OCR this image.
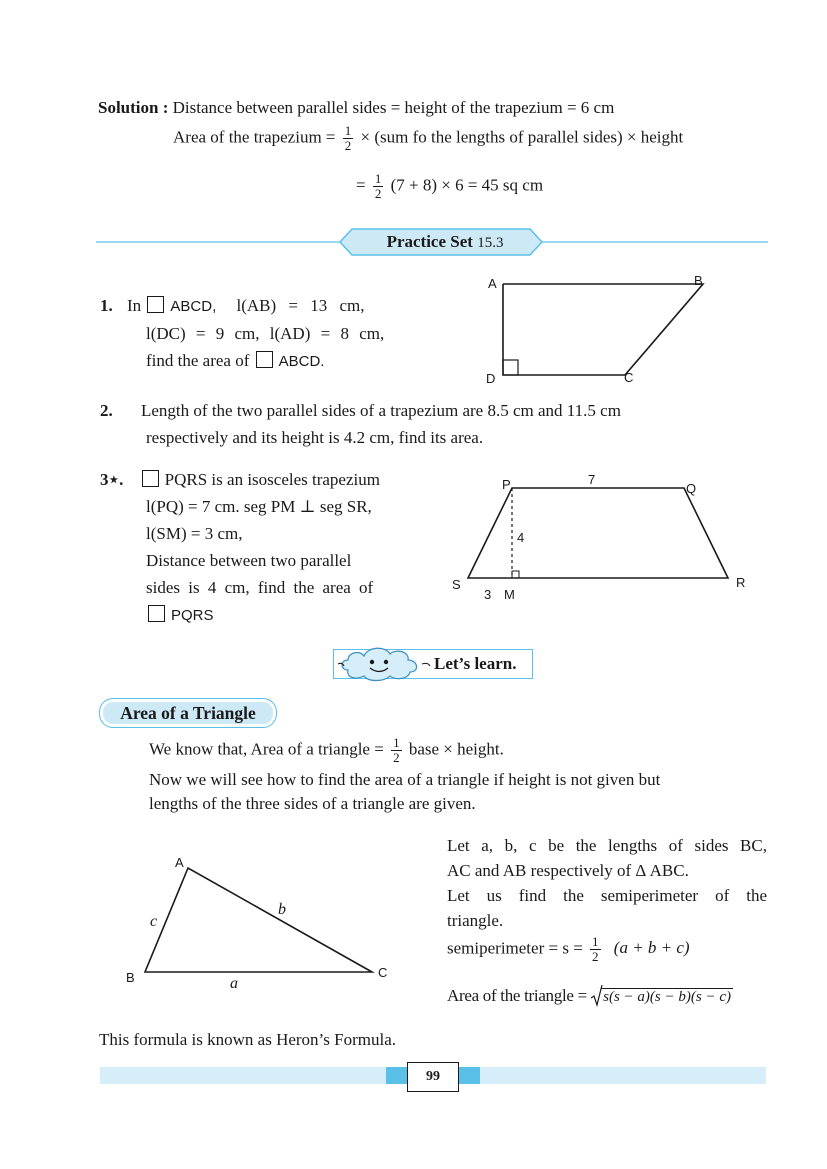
Solution : Distance between parallel sides = height of the trapezium = 6 cm
Area of the trapezium = $\frac{1}{2} \times (sum$ fo the lengths of parallel sides) × height
= $\frac{1}{2} (7 + 8) \times 6 = 45$ sq cm
Practice Set 15.3
1. In ABCD, l(AB) = 13 cm,
l(DC) = 9 cm, l(AD) = 8 cm,
find the area of ABCD.
A	B
C
D
2. Length of the two parallel sides of a trapezium are 8.5 cm and 11.5 cm
respectively and its height is 4.2 cm, find its area.
3⋆. PQRS is an isosceles trapezium
l(PQ) = 7 cm. seg PM ⊥ seg SR,
l(SM) = 3 cm,
Distance between two parallel
sides is 4 cm, find the area of
PQRS
P	Q
R
S
M
7
4
3
Let’s learn.
Area of a Triangle
We know that, Area of a triangle = $\frac{1}{2}$ base × height.
Now we will see how to find the area of a triangle if height is not given but
lengths of the three sides of a triangle are given.
A
B	C
a
b
c
Let a, b, c be the lengths of sides BC,
AC and AB respectively of Δ ABC.
Let us find the semiperimeter of the
triangle.
semiperimeter = $s = \frac{1}{2} (a + b + c)$
Area of the triangle = s(s − a)(s − b)(s − c)
This formula is known as Heron’s Formula.
99
